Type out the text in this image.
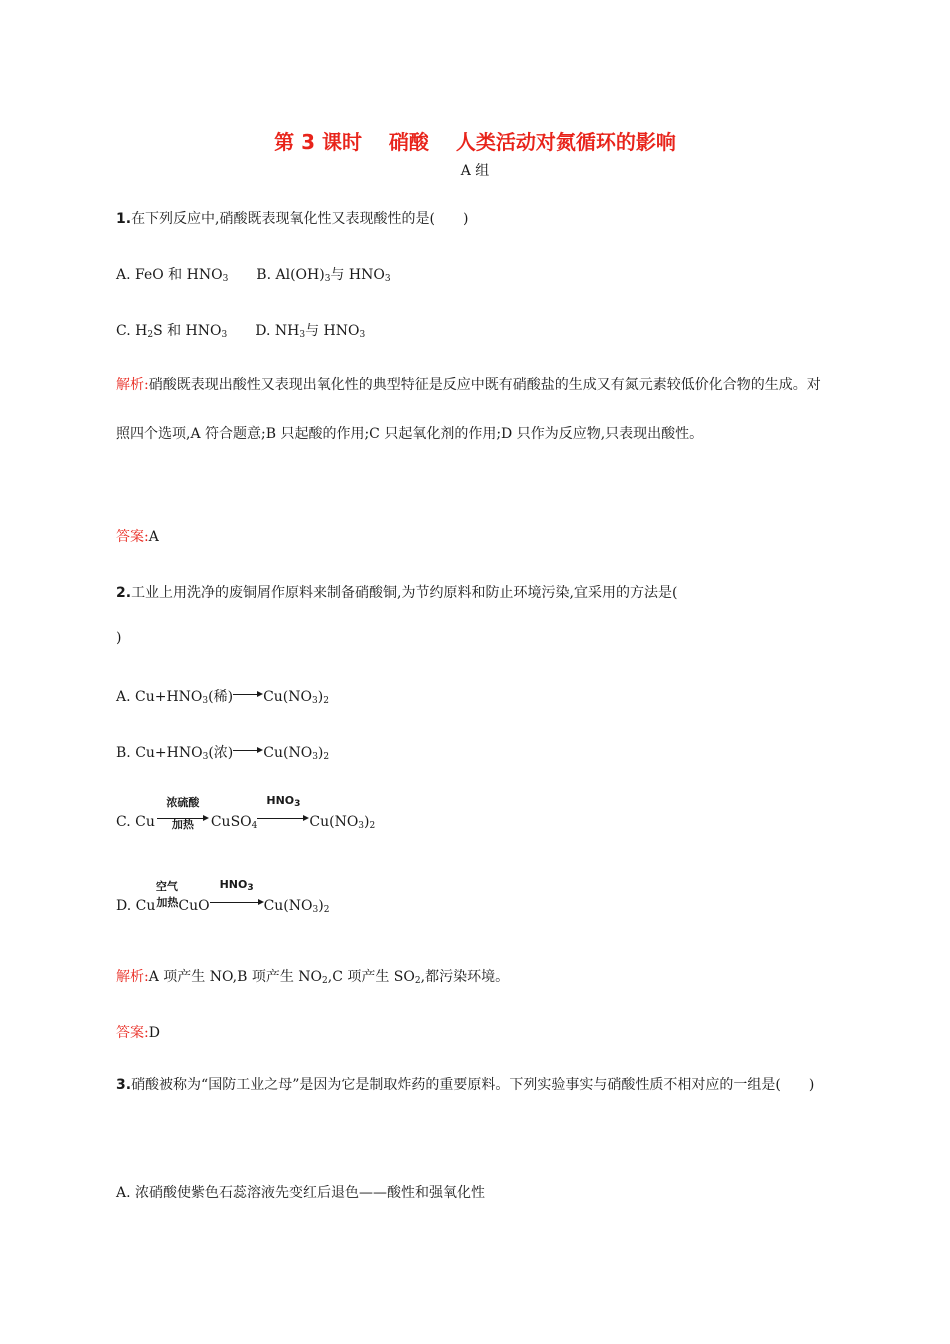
第 3 课时　 硝酸　 人类活动对氮循环的影响
A 组
1.在下列反应中,硝酸既表现氧化性又表现酸性的是(　　)
A. FeO 和 $HNO_3$ B. $Al(OH)_3$与 $HNO_3$
C. $H_2S$ 和 $HNO_3$ D. $NH_3$与 $HNO_3$
解析:硝酸既表现出酸性又表现出氧化性的典型特征是反应中既有硝酸盐的生成又有氮元素较低价化合物的生成。对照四个选项,A 符合题意;B 只起酸的作用;C 只起氧化剂的作用;D 只作为反应物,只表现出酸性。
答案:A
2.工业上用洗净的废铜屑作原料来制备硝酸铜,为节约原料和防止环境污染,宜采用的方法是(
)
A. $Cu+HNO_3$(稀) $Cu(NO_3)_2$
B. $Cu+HNO_3$(浓) $Cu(NO_3)_2$
C. Cu
浓硫酸
加热	CuSO$_4$
$HNO_3$
$Cu(NO_3)_2$
D. Cu
空气
$^{加热}$CuO
$HNO_3$
$Cu(NO_3)_2$
解析:A 项产生 NO,B 项产生 $NO_2,C$ 项产生 $SO_2$,都污染环境。
答案:D
3.硝酸被称为“国防工业之母”是因为它是制取炸药的重要原料。下列实验事实与硝酸性质不相对应的一组是(　　)
A. 浓硝酸使紫色石蕊溶液先变红后退色——酸性和强氧化性
